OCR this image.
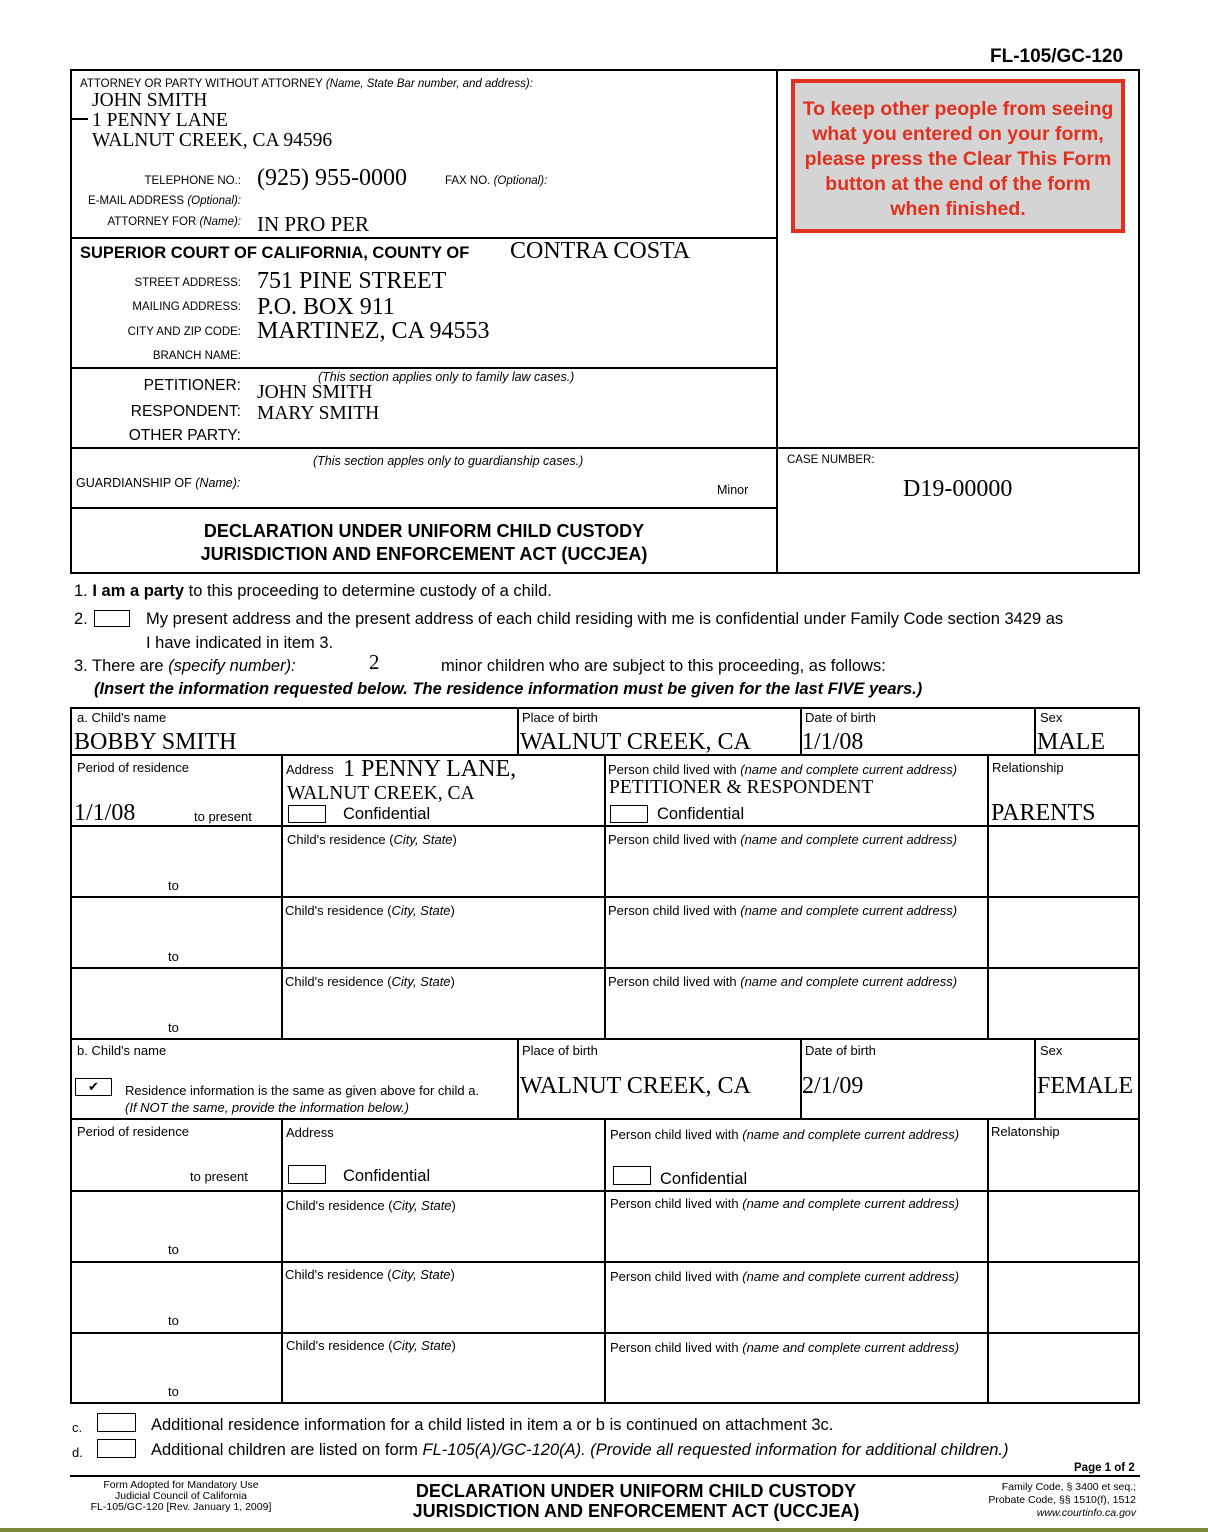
FL-105/GC-120
ATTORNEY OR PARTY WITHOUT ATTORNEY (Name, State Bar number, and address):
JOHN SMITH
1 PENNY LANE
WALNUT CREEK, CA 94596
TELEPHONE NO.: (925) 955-0000	FAX NO. (Optional):
E-MAIL ADDRESS (Optional):
ATTORNEY FOR (Name): IN PRO PER
To keep other people from seeing what you entered on your form, please press the Clear This Form button at the end of the form when finished.
SUPERIOR COURT OF CALIFORNIA, COUNTY OF CONTRA COSTA
STREET ADDRESS: 751 PINE STREET
MAILING ADDRESS: P.O. BOX 911
CITY AND ZIP CODE: MARTINEZ, CA 94553
BRANCH NAME:
(This section applies only to family law cases.)
PETITIONER: JOHN SMITH
RESPONDENT: MARY SMITH
OTHER PARTY:
(This section apples only to guardianship cases.)
GUARDIANSHIP OF (Name):	Minor
CASE NUMBER:
D19-00000
DECLARATION UNDER UNIFORM CHILD CUSTODY
JURISDICTION AND ENFORCEMENT ACT (UCCJEA)
1. I am a party to this proceeding to determine custody of a child.
2.	My present address and the present address of each child residing with me is confidential under Family Code section 3429 as
I have indicated in item 3.
3. There are (specify number):	2	minor children who are subject to this proceeding, as follows:
(Insert the information requested below. The residence information must be given for the last FIVE years.)
a. Child's name
BOBBY SMITH
Place of birth
WALNUT CREEK, CA
Date of birth
1/1/08
Sex
MALE
Period of residence
1/1/08	to present
Address 1 PENNY LANE,
WALNUT CREEK, CA
Confidential
Person child lived with (name and complete current address)
PETITIONER & RESPONDENT
Confidential
Relationship
PARENTS
to
Child's residence (City, State)	Person child lived with (name and complete current address)
to
Child's residence (City, State)	Person child lived with (name and complete current address)
to
Child's residence (City, State)	Person child lived with (name and complete current address)
b. Child's name
✔	Residence information is the same as given above for child a.
(If NOT the same, provide the information below.)
Place of birth
WALNUT CREEK, CA
Date of birth
2/1/09
Sex
FEMALE
Period of residence
to present
Address
Confidential
Person child lived with (name and complete current address)
Confidential
Relatonship
to
Child's residence (City, State)	Person child lived with (name and complete current address)
to
Child's residence (City, State)	Person child lived with (name and complete current address)
to
Child's residence (City, State)	Person child lived with (name and complete current address)
c.	Additional residence information for a child listed in item a or b is continued on attachment 3c.
d.	Additional children are listed on form FL-105(A)/GC-120(A). (Provide all requested information for additional children.)
Page 1 of 2
Form Adopted for Mandatory Use
Judicial Council of California
FL-105/GC-120 [Rev. January 1, 2009]
DECLARATION UNDER UNIFORM CHILD CUSTODY
JURISDICTION AND ENFORCEMENT ACT (UCCJEA)
Family Code, § 3400 et seq.;
Probate Code, §§ 1510(f), 1512
www.courtinfo.ca.gov
